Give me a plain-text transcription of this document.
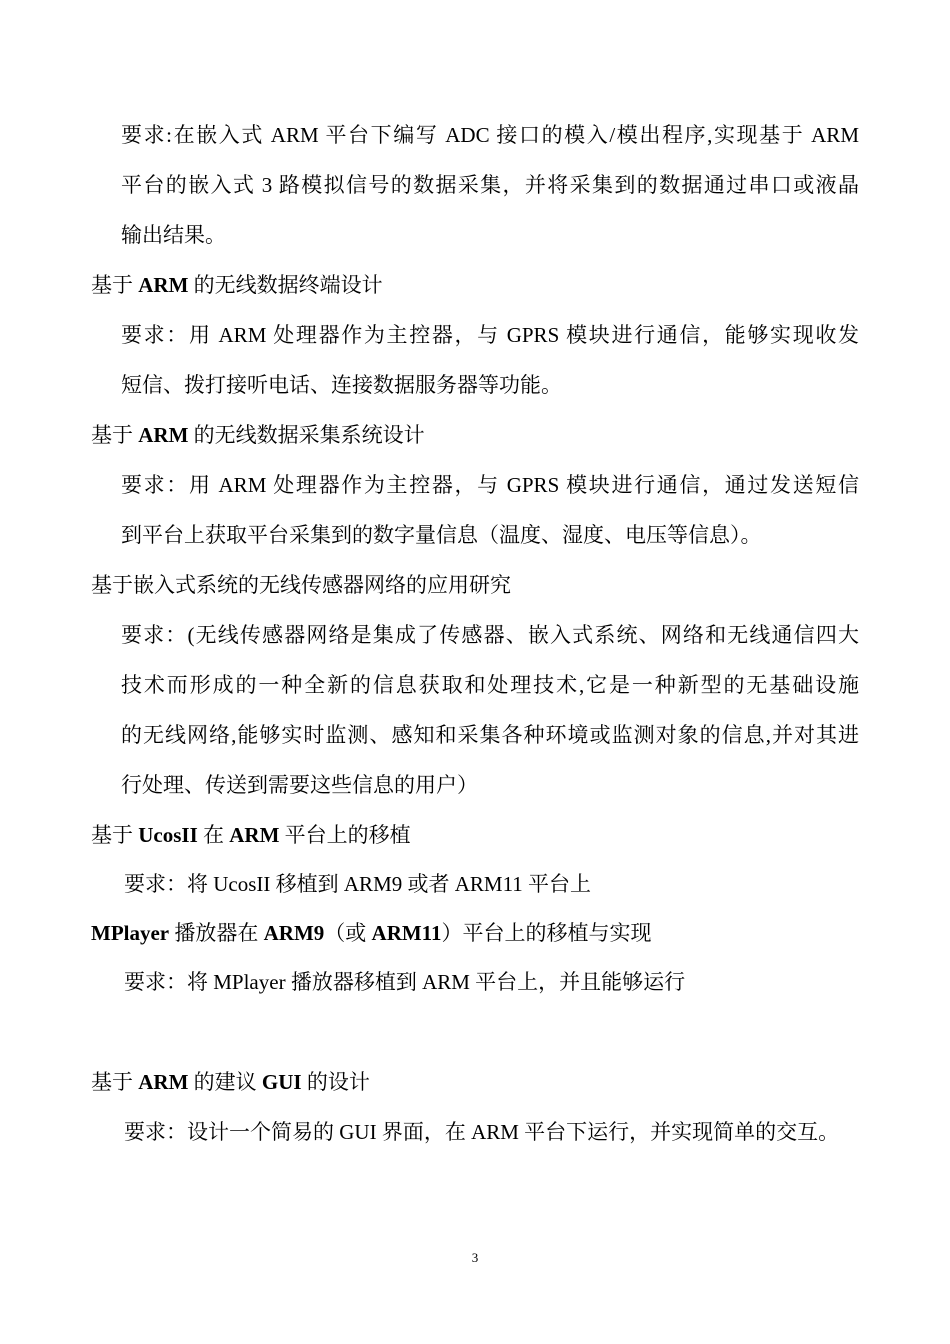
要求:在嵌入式 ARM 平台下编写 ADC 接口的模入/模出程序,实现基于 ARM
平台的嵌入式 3 路模拟信号的数据采集，并将采集到的数据通过串口或液晶
输出结果。
基于 ARM 的无线数据终端设计
要求：用 ARM 处理器作为主控器，与 GPRS 模块进行通信，能够实现收发
短信、拨打接听电话、连接数据服务器等功能。
基于 ARM 的无线数据采集系统设计
要求：用 ARM 处理器作为主控器，与 GPRS 模块进行通信，通过发送短信
到平台上获取平台采集到的数字量信息（温度、湿度、电压等信息）。
基于嵌入式系统的无线传感器网络的应用研究
要求：(无线传感器网络是集成了传感器、嵌入式系统、网络和无线通信四大
技术而形成的一种全新的信息获取和处理技术,它是一种新型的无基础设施
的无线网络,能够实时监测、感知和采集各种环境或监测对象的信息,并对其进
行处理、传送到需要这些信息的用户）
基于 UcosII 在 ARM 平台上的移植
要求：将 UcosII 移植到 ARM9 或者 ARM11 平台上
MPlayer 播放器在 ARM9（或 ARM11）平台上的移植与实现
要求：将 MPlayer 播放器移植到 ARM 平台上，并且能够运行
基于 ARM 的建议 GUI 的设计
要求：设计一个简易的 GUI 界面，在 ARM 平台下运行，并实现简单的交互。
3
